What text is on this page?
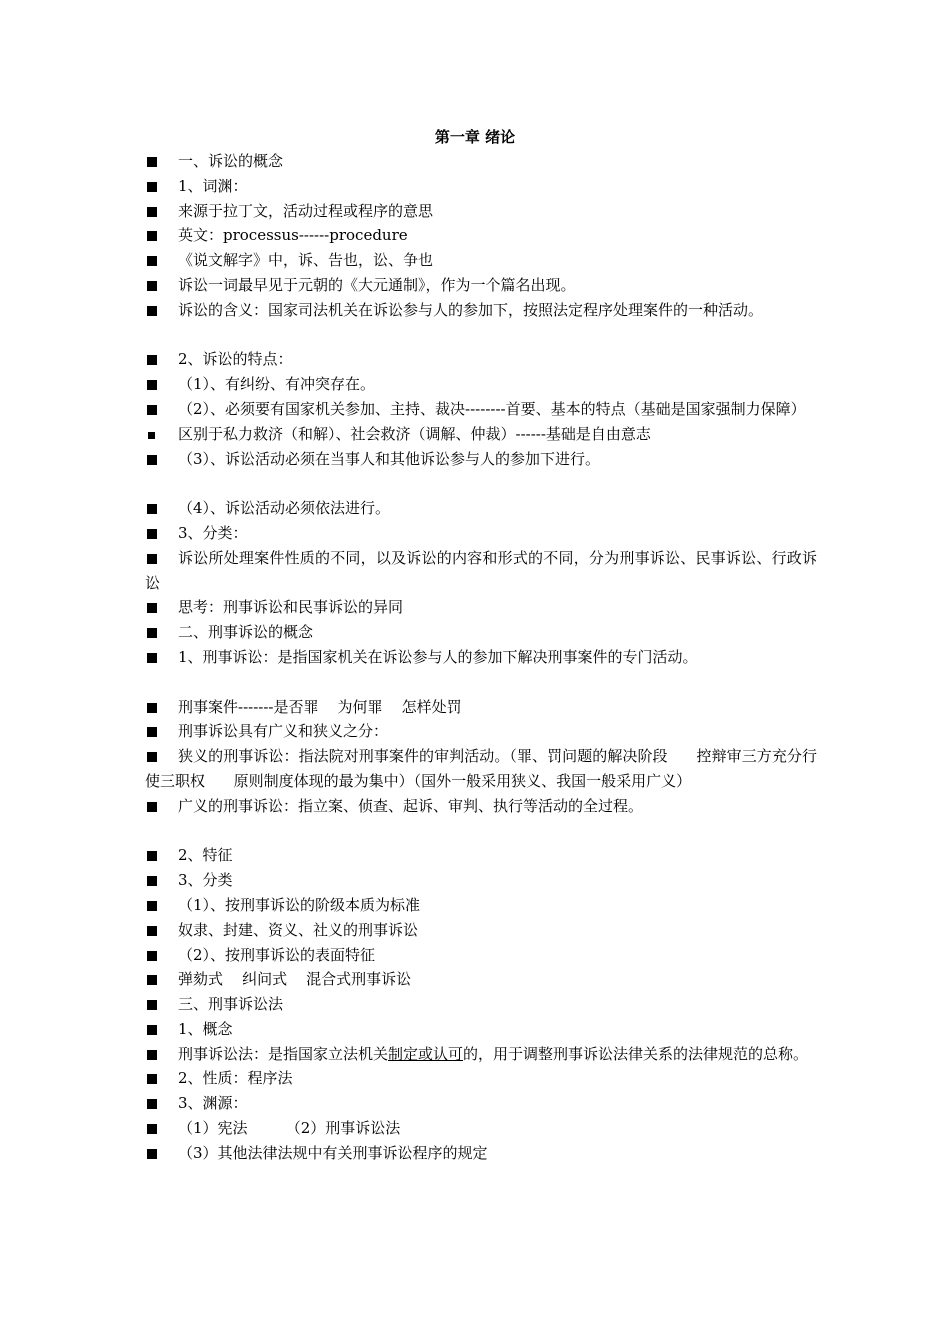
第一章 绪论
一、诉讼的概念
1、词渊：
来源于拉丁文，活动过程或程序的意思
英文：processus------procedure
《说文解字》中，诉、告也，讼、争也
诉讼一词最早见于元朝的《大元通制》，作为一个篇名出现。
诉讼的含义：国家司法机关在诉讼参与人的参加下，按照法定程序处理案件的一种活动。
2、诉讼的特点：
（1）、有纠纷、有冲突存在。
（2）、必须要有国家机关参加、主持、裁决--------首要、基本的特点（基础是国家强制力保障）
区别于私力救济（和解）、社会救济（调解、仲裁）------基础是自由意志
（3）、诉讼活动必须在当事人和其他诉讼参与人的参加下进行。
（4）、诉讼活动必须依法进行。
3、分类：
诉讼所处理案件性质的不同，以及诉讼的内容和形式的不同，分为刑事诉讼、民事诉讼、行政诉讼
思考：刑事诉讼和民事诉讼的异同
二、刑事诉讼的概念
1、刑事诉讼：是指国家机关在诉讼参与人的参加下解决刑事案件的专门活动。
刑事案件-------是否罪    为何罪    怎样处罚
刑事诉讼具有广义和狭义之分：
狭义的刑事诉讼：指法院对刑事案件的审判活动。（罪、罚问题的解决阶段      控辩审三方充分行使三职权      原则制度体现的最为集中）（国外一般采用狭义、我国一般采用广义）
广义的刑事诉讼：指立案、侦查、起诉、审判、执行等活动的全过程。
2、特征
3、分类
（1）、按刑事诉讼的阶级本质为标准
奴隶、封建、资义、社义的刑事诉讼
（2）、按刑事诉讼的表面特征
弹劾式    纠问式    混合式刑事诉讼
三、刑事诉讼法
1、概念
刑事诉讼法：是指国家立法机关制定或认可的，用于调整刑事诉讼法律关系的法律规范的总称。
2、性质：程序法
3、渊源：
（1）宪法        （2）刑事诉讼法
（3）其他法律法规中有关刑事诉讼程序的规定
